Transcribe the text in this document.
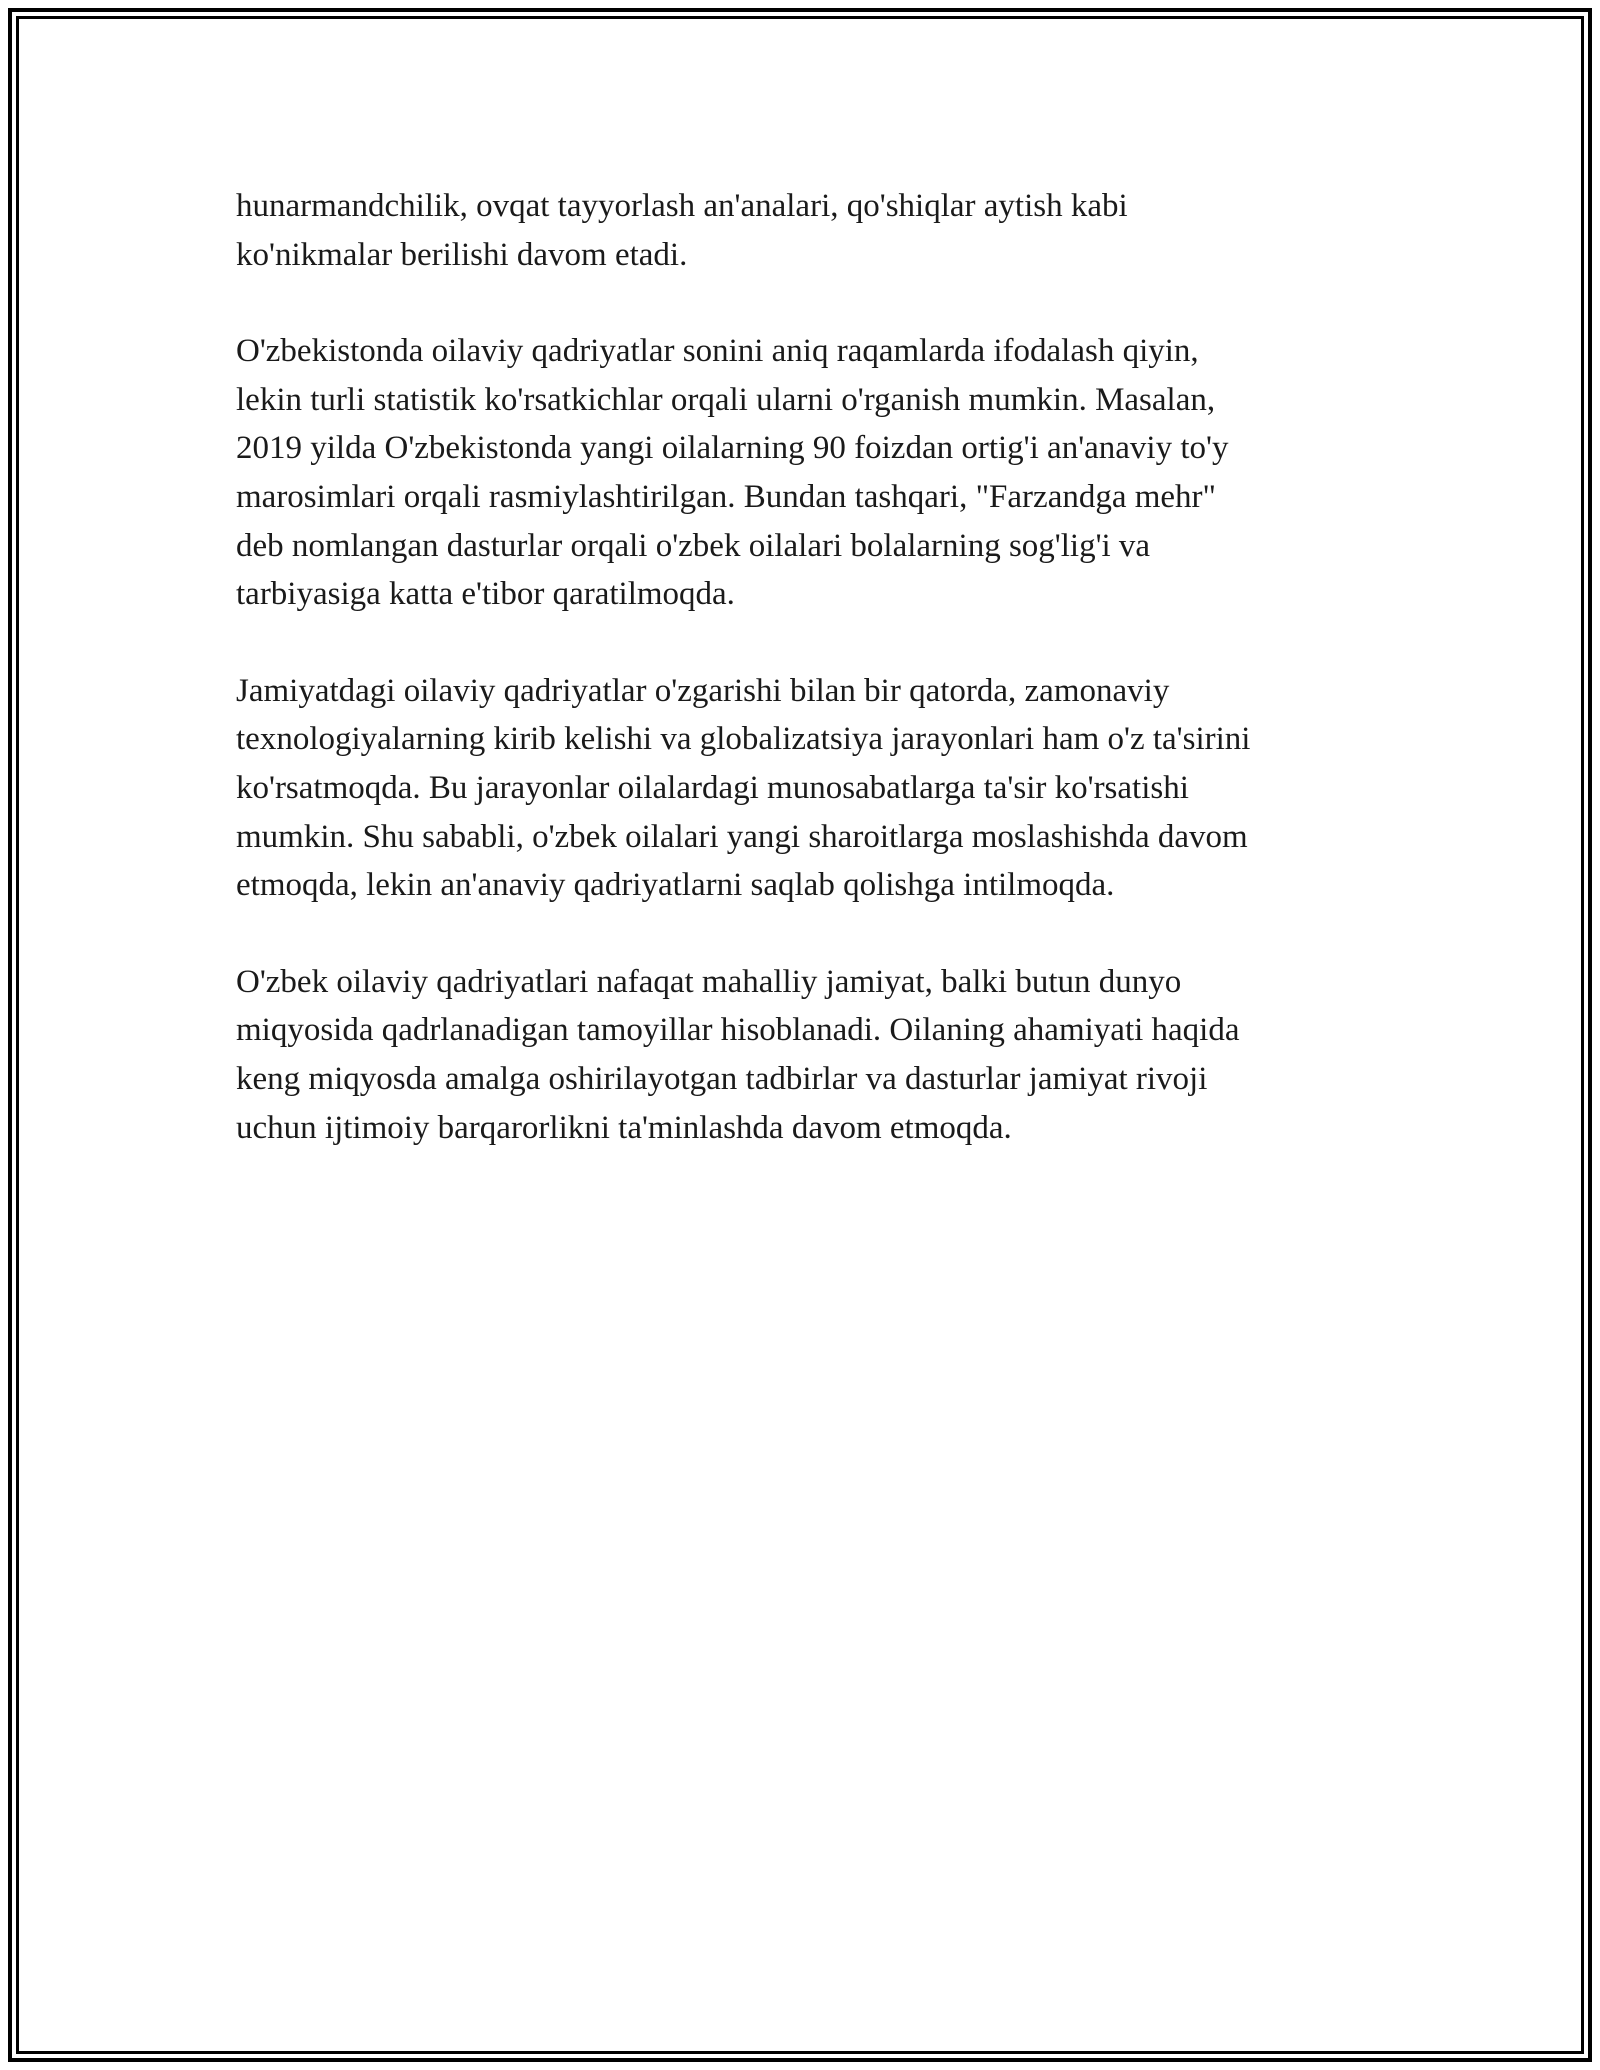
hunarmandchilik, ovqat tayyorlash an'analari, qo'shiqlar aytish kabi
ko'nikmalar berilishi davom etadi.

O'zbekistonda oilaviy qadriyatlar sonini aniq raqamlarda ifodalash qiyin,
lekin turli statistik ko'rsatkichlar orqali ularni o'rganish mumkin. Masalan,
2019 yilda O'zbekistonda yangi oilalarning 90 foizdan ortig'i an'anaviy to'y
marosimlari orqali rasmiylashtirilgan. Bundan tashqari, "Farzandga mehr"
deb nomlangan dasturlar orqali o'zbek oilalari bolalarning sog'lig'i va
tarbiyasiga katta e'tibor qaratilmoqda.

Jamiyatdagi oilaviy qadriyatlar o'zgarishi bilan bir qatorda, zamonaviy
texnologiyalarning kirib kelishi va globalizatsiya jarayonlari ham o'z ta'sirini
ko'rsatmoqda. Bu jarayonlar oilalardagi munosabatlarga ta'sir ko'rsatishi
mumkin. Shu sababli, o'zbek oilalari yangi sharoitlarga moslashishda davom
etmoqda, lekin an'anaviy qadriyatlarni saqlab qolishga intilmoqda.

O'zbek oilaviy qadriyatlari nafaqat mahalliy jamiyat, balki butun dunyo
miqyosida qadrlanadigan tamoyillar hisoblanadi. Oilaning ahamiyati haqida
keng miqyosda amalga oshirilayotgan tadbirlar va dasturlar jamiyat rivoji
uchun ijtimoiy barqarorlikni ta'minlashda davom etmoqda.
